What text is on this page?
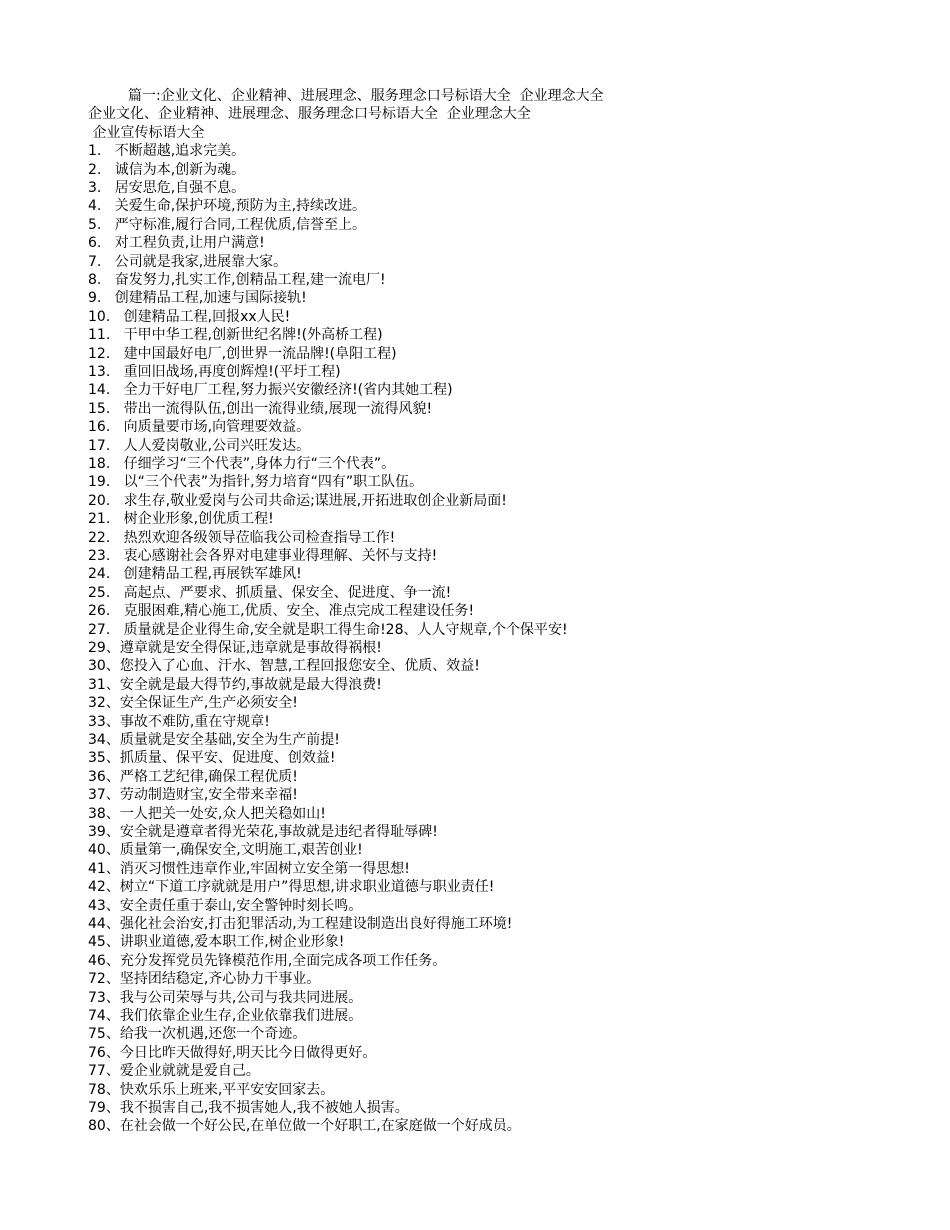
篇一:企业文化、企业精神、进展理念、服务理念口号标语大全  企业理念大全
企业文化、企业精神、进展理念、服务理念口号标语大全  企业理念大全
企业宣传标语大全
1.   不断超越,追求完美。
2.   诚信为本,创新为魂。
3.   居安思危,自强不息。
4.   关爱生命,保护环境,预防为主,持续改进。
5.   严守标准,履行合同,工程优质,信誉至上。
6.   对工程负责,让用户满意!
7.   公司就是我家,进展靠大家。
8.   奋发努力,扎实工作,创精品工程,建一流电厂!
9.   创建精品工程,加速与国际接轨!
10.   创建精品工程,回报xx人民!
11.   干甲中华工程,创新世纪名牌!(外高桥工程)
12.   建中国最好电厂,创世界一流品牌!(阜阳工程)
13.   重回旧战场,再度创辉煌!(平圩工程)
14.   全力干好电厂工程,努力振兴安徽经济!(省内其她工程)
15.   带出一流得队伍,创出一流得业绩,展现一流得风貌!
16.   向质量要市场,向管理要效益。
17.   人人爱岗敬业,公司兴旺发达。
18.   仔细学习“三个代表”,身体力行“三个代表”。
19.   以“三个代表”为指针,努力培育“四有”职工队伍。
20.   求生存,敬业爱岗与公司共命运;谋进展,开拓进取创企业新局面!
21.   树企业形象,创优质工程!
22.   热烈欢迎各级领导莅临我公司检查指导工作!
23.   衷心感谢社会各界对电建事业得理解、关怀与支持!
24.   创建精品工程,再展铁军雄风!
25.   高起点、严要求、抓质量、保安全、促进度、争一流!
26.   克服困难,精心施工,优质、安全、准点完成工程建设任务!
27.   质量就是企业得生命,安全就是职工得生命!28、人人守规章,个个保平安!
29、遵章就是安全得保证,违章就是事故得祸根!
30、您投入了心血、汗水、智慧,工程回报您安全、优质、效益!
31、安全就是最大得节约,事故就是最大得浪费!
32、安全保证生产,生产必须安全!
33、事故不难防,重在守规章!
34、质量就是安全基础,安全为生产前提!
35、抓质量、保平安、促进度、创效益!
36、严格工艺纪律,确保工程优质!
37、劳动制造财宝,安全带来幸福!
38、一人把关一处安,众人把关稳如山!
39、安全就是遵章者得光荣花,事故就是违纪者得耻辱碑!
40、质量第一,确保安全,文明施工,艰苦创业!
41、消灭习惯性违章作业,牢固树立安全第一得思想!
42、树立“下道工序就就是用户”得思想,讲求职业道德与职业责任!
43、安全责任重于泰山,安全警钟时刻长鸣。
44、强化社会治安,打击犯罪活动,为工程建设制造出良好得施工环境!
45、讲职业道德,爱本职工作,树企业形象!
46、充分发挥党员先锋模范作用,全面完成各项工作任务。
72、坚持团结稳定,齐心协力干事业。
73、我与公司荣辱与共,公司与我共同进展。
74、我们依靠企业生存,企业依靠我们进展。
75、给我一次机遇,还您一个奇迹。
76、今日比昨天做得好,明天比今日做得更好。
77、爱企业就就是爱自己。
78、快欢乐乐上班来,平平安安回家去。
79、我不损害自己,我不损害她人,我不被她人损害。
80、在社会做一个好公民,在单位做一个好职工,在家庭做一个好成员。
